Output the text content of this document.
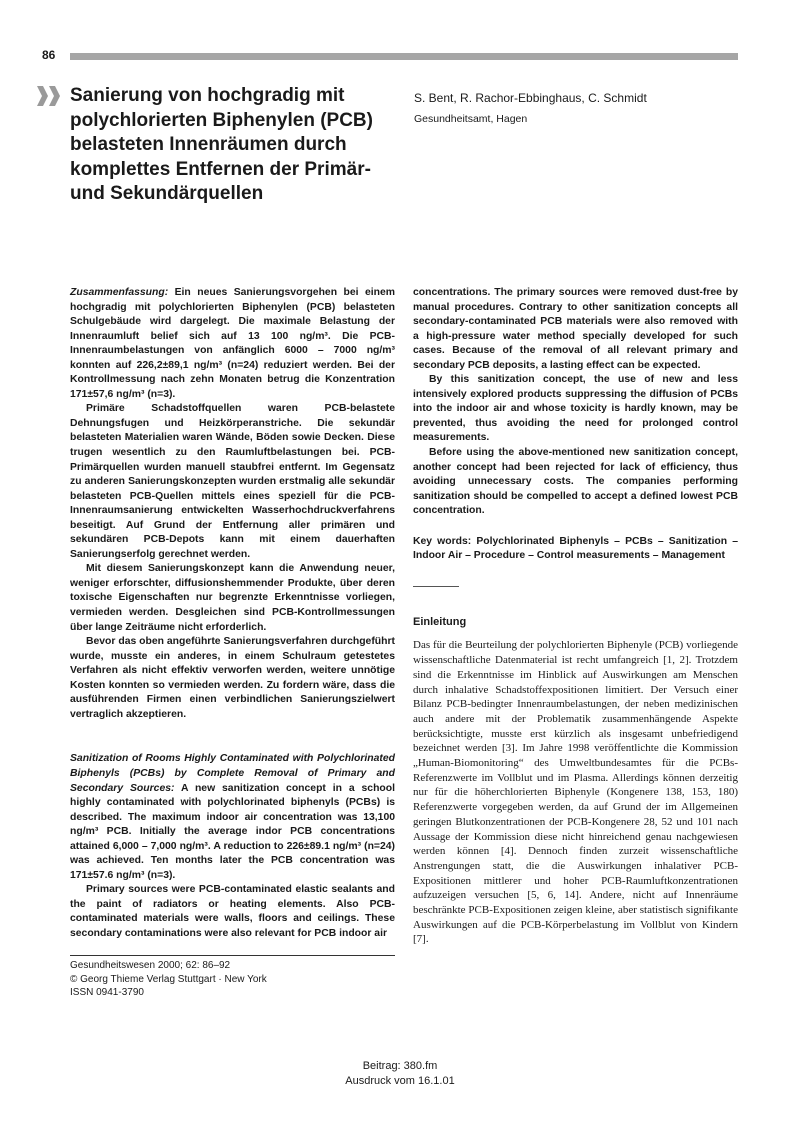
86
Sanierung von hochgradig mit polychlorierten Biphenylen (PCB) belasteten Innenräumen durch komplettes Entfernen der Primär- und Sekundärquellen
S. Bent, R. Rachor-Ebbinghaus, C. Schmidt
Gesundheitsamt, Hagen

Zusammenfassung: Ein neues Sanierungsvorgehen bei einem hochgradig mit polychlorierten Biphenylen (PCB) belasteten Schulgebäude wird dargelegt. Die maximale Belastung der Innenraumluft belief sich auf 13 100 ng/m³. Die PCB-Innenraumbelastungen von anfänglich 6000 – 7000 ng/m³ konnten auf 226,2±89,1 ng/m³ (n=24) reduziert werden. Bei der Kontrollmessung nach zehn Monaten betrug die Konzentration 171±57,6 ng/m³ (n=3).

Primäre Schadstoffquellen waren PCB-belastete Dehnungsfugen und Heizkörperanstriche. Die sekundär belasteten Materialien waren Wände, Böden sowie Decken. Diese trugen wesentlich zu den Raumluftbelastungen bei. PCB-Primärquellen wurden manuell staubfrei entfernt. Im Gegensatz zu anderen Sanierungskonzepten wurden erstmalig alle sekundär belasteten PCB-Quellen mittels eines speziell für die PCB-Innenraumsanierung entwickelten Wasserhochdruckverfahrens beseitigt. Auf Grund der Entfernung aller primären und sekundären PCB-Depots kann mit einem dauerhaften Sanierungserfolg gerechnet werden.

Mit diesem Sanierungskonzept kann die Anwendung neuer, weniger erforschter, diffusionshemmender Produkte, über deren toxische Eigenschaften nur begrenzte Erkenntnisse vorliegen, vermieden werden. Desgleichen sind PCB-Kontrollmessungen über lange Zeiträume nicht erforderlich.

Bevor das oben angeführte Sanierungsverfahren durchgeführt wurde, musste ein anderes, in einem Schulraum getestetes Verfahren als nicht effektiv verworfen werden, weitere unnötige Kosten konnten so vermieden werden. Zu fordern wäre, dass die ausführenden Firmen einen verbindlichen Sanierungszielwert vertraglich akzeptieren.

Sanitization of Rooms Highly Contaminated with Polychlorinated Biphenyls (PCBs) by Complete Removal of Primary and Secondary Sources: A new sanitization concept in a school highly contaminated with polychlorinated biphenyls (PCBs) is described. The maximum indoor air concentration was 13,100 ng/m³ PCB. Initially the average indor PCB concentrations attained 6,000 – 7,000 ng/m³. A reduction to 226±89.1 ng/m³ (n=24) was achieved. Ten months later the PCB concentration was 171±57.6 ng/m³ (n=3).

Primary sources were PCB-contaminated elastic sealants and the paint of radiators or heating elements. Also PCB-contaminated materials were walls, floors and ceilings. These secondary contaminations were also relevant for PCB indoor air

concentrations. The primary sources were removed dust-free by manual procedures. Contrary to other sanitization concepts all secondary-contaminated PCB materials were also removed with a high-pressure water method specially developed for such cases. Because of the removal of all relevant primary and secondary PCB deposits, a lasting effect can be expected.

By this sanitization concept, the use of new and less intensively explored products suppressing the diffusion of PCBs into the indoor air and whose toxicity is hardly known, may be prevented, thus avoiding the need for prolonged control measurements.

Before using the above-mentioned new sanitization concept, another concept had been rejected for lack of efficiency, thus avoiding unnecessary costs. The companies performing sanitization should be compelled to accept a defined lowest PCB concentration.

Key words: Polychlorinated Biphenyls – PCBs – Sanitization – Indoor Air – Procedure – Control measurements – Management

Einleitung

Das für die Beurteilung der polychlorierten Biphenyle (PCB) vorliegende wissenschaftliche Datenmaterial ist recht umfangreich [1, 2]. Trotzdem sind die Erkenntnisse im Hinblick auf Auswirkungen am Menschen durch inhalative Schadstoffexpositionen limitiert. Der Versuch einer Bilanz PCB-bedingter Innenraumbelastungen, der neben medizinischen auch andere mit der Problematik zusammenhängende Aspekte berücksichtigte, musste erst kürzlich als insgesamt unbefriedigend bezeichnet werden [3]. Im Jahre 1998 veröffentlichte die Kommission „Human-Biomonitoring“ des Umweltbundesamtes für die PCBs-Referenzwerte im Vollblut und im Plasma. Allerdings können derzeitig nur für die höherchlorierten Biphenyle (Kongenere 138, 153, 180) Referenzwerte vorgegeben werden, da auf Grund der im Allgemeinen geringen Blutkonzentrationen der PCB-Kongenere 28, 52 und 101 nach Aussage der Kommission diese nicht hinreichend genau nachgewiesen werden können [4]. Dennoch finden zurzeit wissenschaftliche Anstrengungen statt, die die Auswirkungen inhalativer PCB-Expositionen mittlerer und hoher PCB-Raumluftkonzentrationen aufzuzeigen versuchen [5, 6, 14]. Andere, nicht auf Innenräume beschränkte PCB-Expositionen zeigen kleine, aber statistisch signifikante Auswirkungen auf die PCB-Körperbelastung im Vollblut von Kindern [7].

Gesundheitswesen 2000; 62: 86–92
© Georg Thieme Verlag Stuttgart · New York
ISSN 0941-3790
Beitrag: 380.fm
Ausdruck vom 16.1.01
